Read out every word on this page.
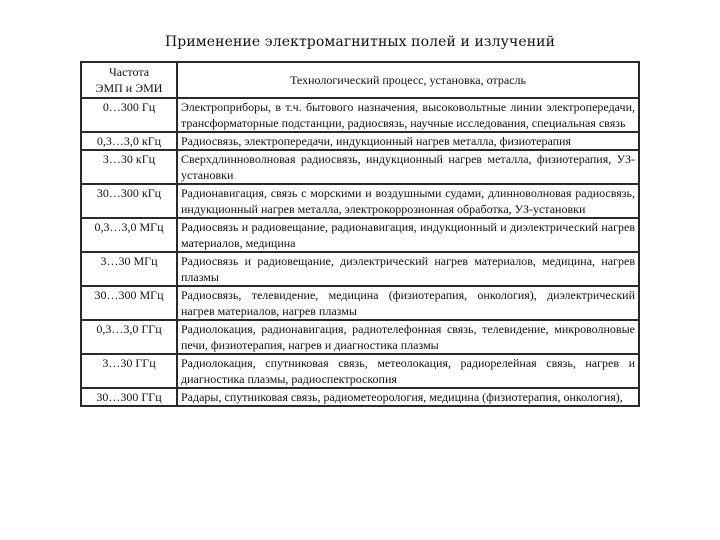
Применение электромагнитных полей и излучений
Частота
ЭМП и ЭМИ	Технологический процесс, установка, отрасль
0…300 Гц	Электроприборы, в т.ч. бытового назначения, высоковольтные линии электропередачи, трансформаторные подстанции, радиосвязь, научные исследования, специальная связь
0,3…3,0 кГц	Радиосвязь, электропередачи, индукционный нагрев металла, физиотерапия
3…30 кГц	Сверхдлинноволновая радиосвязь, индукционный нагрев металла, физиотерапия, УЗ-установки
30…300 кГц	Радионавигация, связь с морскими и воздушными судами, длинноволновая радиосвязь, индукционный нагрев металла, электрокоррозионная обработка, УЗ-установки
0,3…3,0 МГц	Радиосвязь и радиовещание, радионавигация, индукционный и диэлектрический нагрев материалов, медицина
3…30 МГц	Радиосвязь и радиовещание, диэлектрический нагрев материалов, медицина, нагрев плазмы
30…300 МГц	Радиосвязь, телевидение, медицина (физиотерапия, онкология), диэлектрический нагрев материалов, нагрев плазмы
0,3…3,0 ГГц	Радиолокация, радионавигация, радиотелефонная связь, телевидение, микроволновые печи, физиотерапия, нагрев и диагностика плазмы
3…30 ГГц	Радиолокация, спутниковая связь, метеолокация, радиорелейная связь, нагрев и диагностика плазмы, радиоспектроскопия
30…300 ГГц	Радары, спутниковая связь, радиометеорология, медицина (физиотерапия, онкология),
